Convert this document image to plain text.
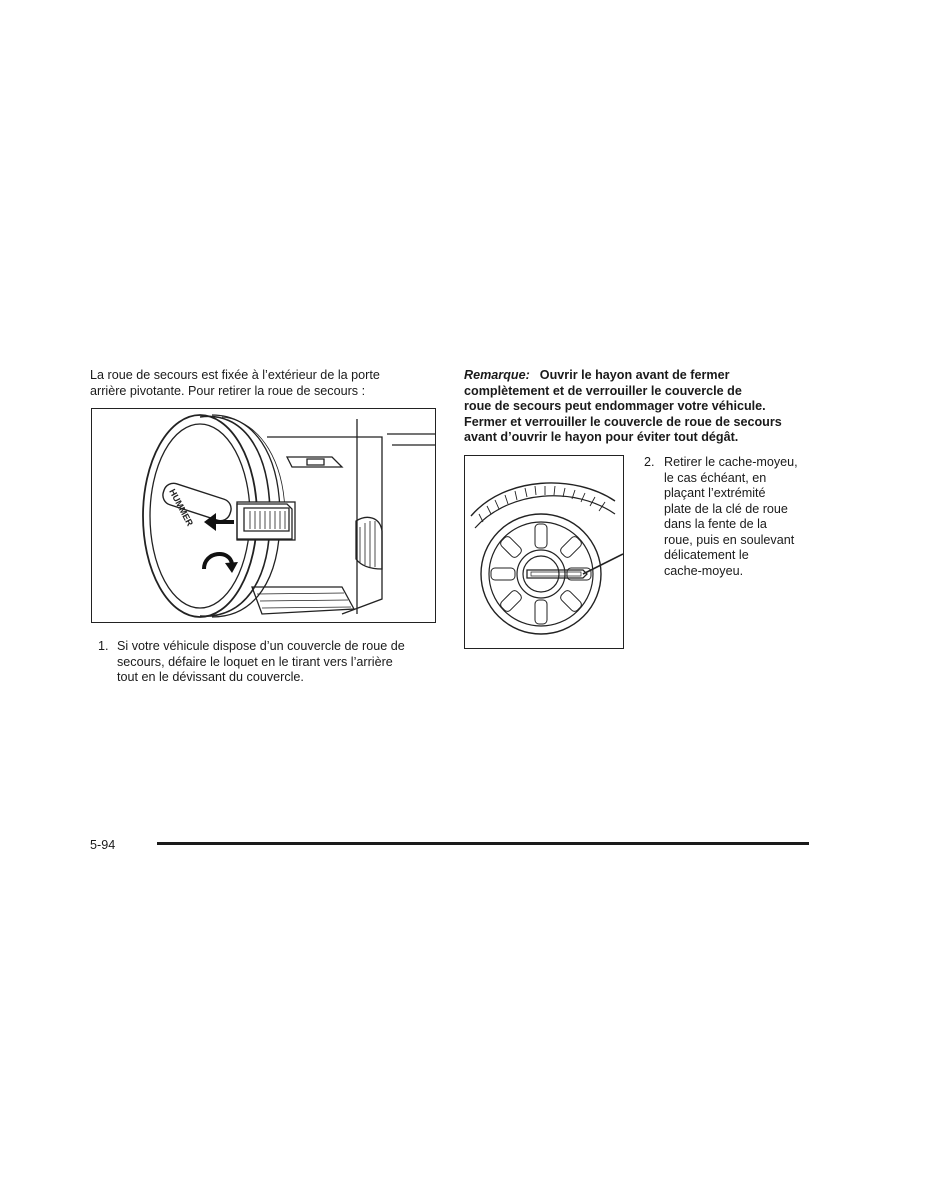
La roue de secours est fixée à l’extérieur de la porte
arrière pivotante. Pour retirer la roue de secours :
HUMMER
1. Si votre véhicule dispose d’un couvercle de roue de
secours, défaire le loquet en le tirant vers l’arrière
tout en le dévissant du couvercle.
Remarque: Ouvrir le hayon avant de fermer
complètement et de verrouiller le couvercle de
roue de secours peut endommager votre véhicule.
Fermer et verrouiller le couvercle de roue de secours
avant d’ouvrir le hayon pour éviter tout dégât.
2. Retirer le cache-moyeu,
le cas échéant, en
plaçant l’extrémité
plate de la clé de roue
dans la fente de la
roue, puis en soulevant
délicatement le
cache-moyeu.
5-94
